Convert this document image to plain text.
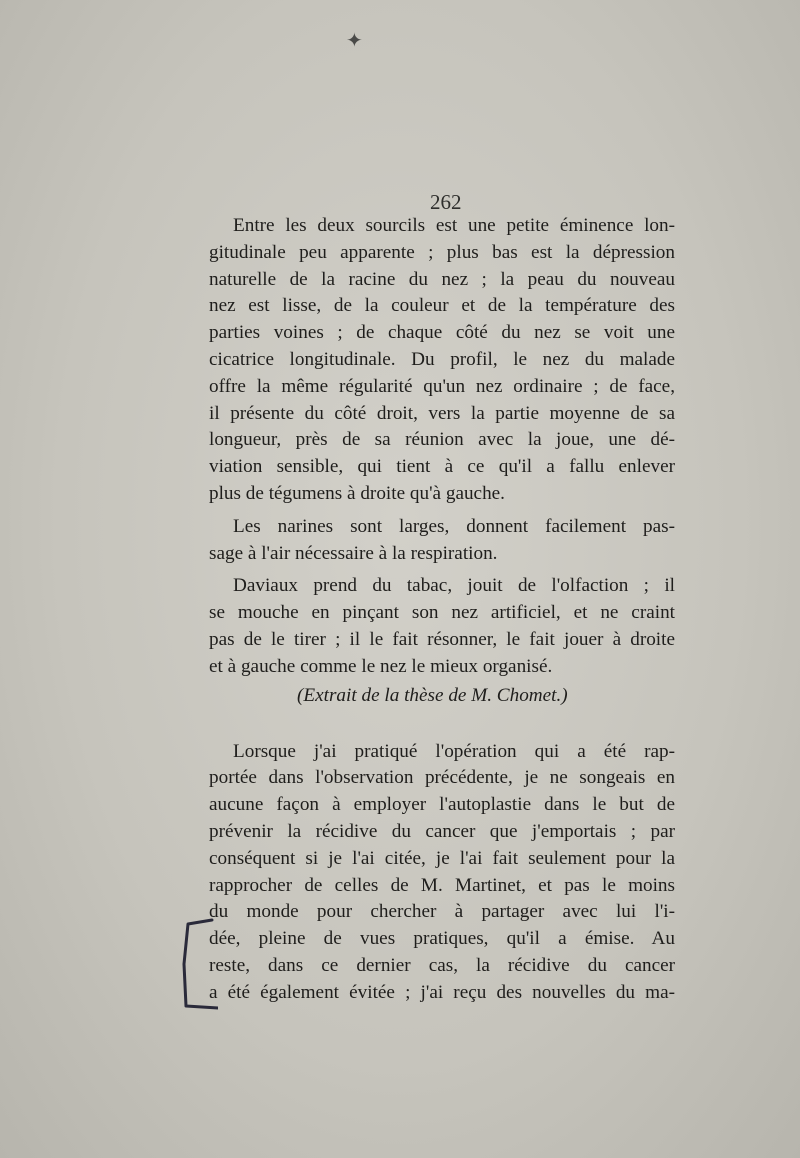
✦
262
Entre les deux sourcils est une petite éminence lon-
gitudinale peu apparente ; plus bas est la dépression
naturelle de la racine du nez ; la peau du nouveau
nez est lisse, de la couleur et de la température des
parties voines ; de chaque côté du nez se voit une
cicatrice longitudinale. Du profil, le nez du malade
offre la même régularité qu'un nez ordinaire ; de face,
il présente du côté droit, vers la partie moyenne de sa
longueur, près de sa réunion avec la joue, une dé-
viation sensible, qui tient à ce qu'il a fallu enlever
plus de tégumens à droite qu'à gauche.
Les narines sont larges, donnent facilement pas-
sage à l'air nécessaire à la respiration.
Daviaux prend du tabac, jouit de l'olfaction ; il
se mouche en pinçant son nez artificiel, et ne craint
pas de le tirer ; il le fait résonner, le fait jouer à droite
et à gauche comme le nez le mieux organisé.
(Extrait de la thèse de M. Chomet.)
Lorsque j'ai pratiqué l'opération qui a été rap-
portée dans l'observation précédente, je ne songeais en
aucune façon à employer l'autoplastie dans le but de
prévenir la récidive du cancer que j'emportais ; par
conséquent si je l'ai citée, je l'ai fait seulement pour la
rapprocher de celles de M. Martinet, et pas le moins
du monde pour chercher à partager avec lui l'i-
dée, pleine de vues pratiques, qu'il a émise. Au
reste, dans ce dernier cas, la récidive du cancer
a été également évitée ; j'ai reçu des nouvelles du ma-
